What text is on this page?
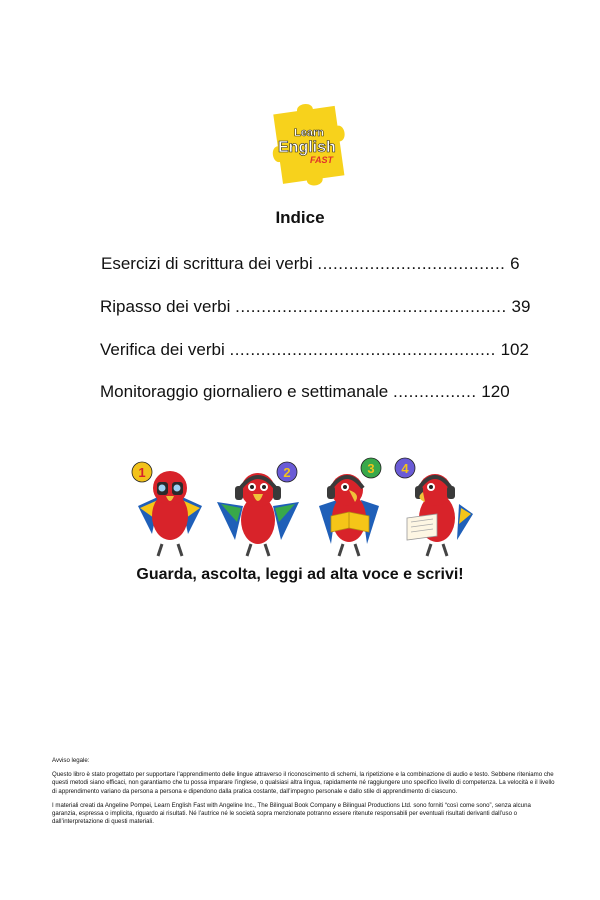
Learn
English
FAST
Indice
Esercizi di scrittura dei verbi .................................... 6
Ripasso dei verbi .................................................... 39
Verifica dei verbi ................................................... 102
Monitoraggio giornaliero e settimanale ................ 120
1	2	3 4
Guarda, ascolta, leggi ad alta voce e scrivi!

Avviso legale:

Questo libro è stato progettato per supportare l’apprendimento delle lingue attraverso il riconoscimento di schemi, la ripetizione e la combinazione di audio e testo. Sebbene riteniamo che questi metodi siano efficaci, non garantiamo che tu possa imparare l’inglese, o qualsiasi altra lingua, rapidamente né raggiungere uno specifico livello di competenza. La velocità e il livello di apprendimento variano da persona a persona e dipendono dalla pratica costante, dall’impegno personale e dallo stile di apprendimento di ciascuno.

I materiali creati da Angeline Pompei, Learn English Fast with Angeline Inc., The Bilingual Book Company e Bilingual Productions Ltd. sono forniti “così come sono”, senza alcuna garanzia, espressa o implicita, riguardo ai risultati. Né l’autrice né le società sopra menzionate potranno essere ritenute responsabili per eventuali risultati derivanti dall’uso o dall’interpretazione di questi materiali.
